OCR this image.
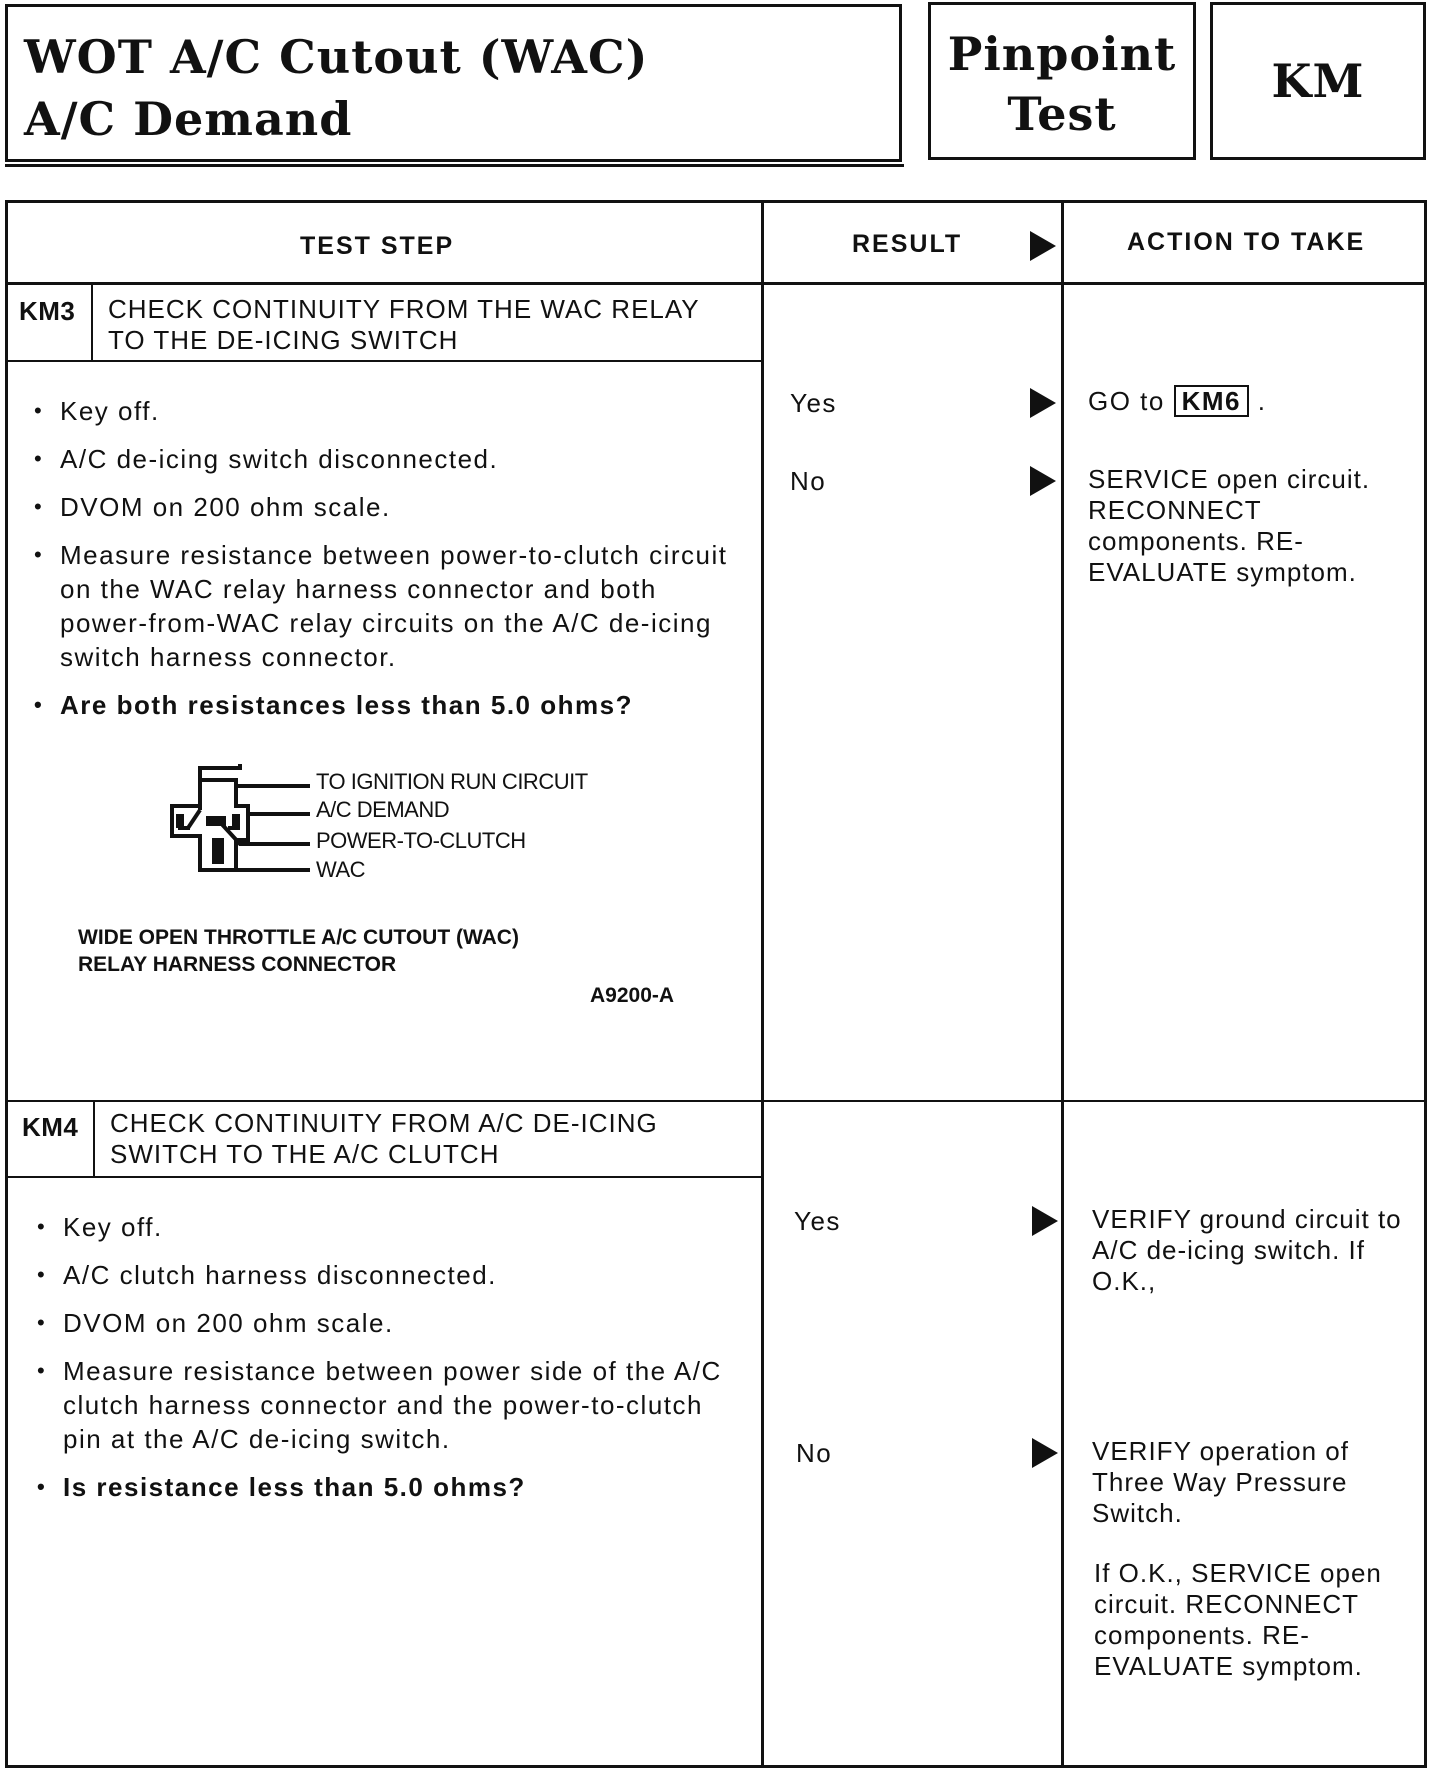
WOT A/C Cutout (WAC)
A/C Demand
Pinpoint
Test
KM
TEST STEP	RESULT	ACTION TO TAKE
KM3 CHECK CONTINUITY FROM THE WAC RELAY
TO THE DE-ICING SWITCH
• Key off.
• A/C de-icing switch disconnected.
• DVOM on 200 ohm scale.
• Measure resistance between power-to-clutch circuit on the WAC relay harness connector and both power-from-WAC relay circuits on the A/C de-icing switch harness connector.
• Are both resistances less than 5.0 ohms?
TO IGNITION RUN CIRCUIT
A/C DEMAND
POWER-TO-CLUTCH
WAC
WIDE OPEN THROTTLE A/C CUTOUT (WAC)
RELAY HARNESS CONNECTOR
A9200-A
Yes	GO to KM6 .
No	SERVICE open circuit. RECONNECT components. RE-EVALUATE symptom.
KM4 CHECK CONTINUITY FROM A/C DE-ICING
SWITCH TO THE A/C CLUTCH
• Key off.
• A/C clutch harness disconnected.
• DVOM on 200 ohm scale.
• Measure resistance between power side of the A/C clutch harness connector and the power-to-clutch pin at the A/C de-icing switch.
• Is resistance less than 5.0 ohms?
Yes	VERIFY ground circuit to A/C de-icing switch. If O.K.,
No	VERIFY operation of Three Way Pressure Switch.
If O.K., SERVICE open circuit. RECONNECT components. RE-EVALUATE symptom.
